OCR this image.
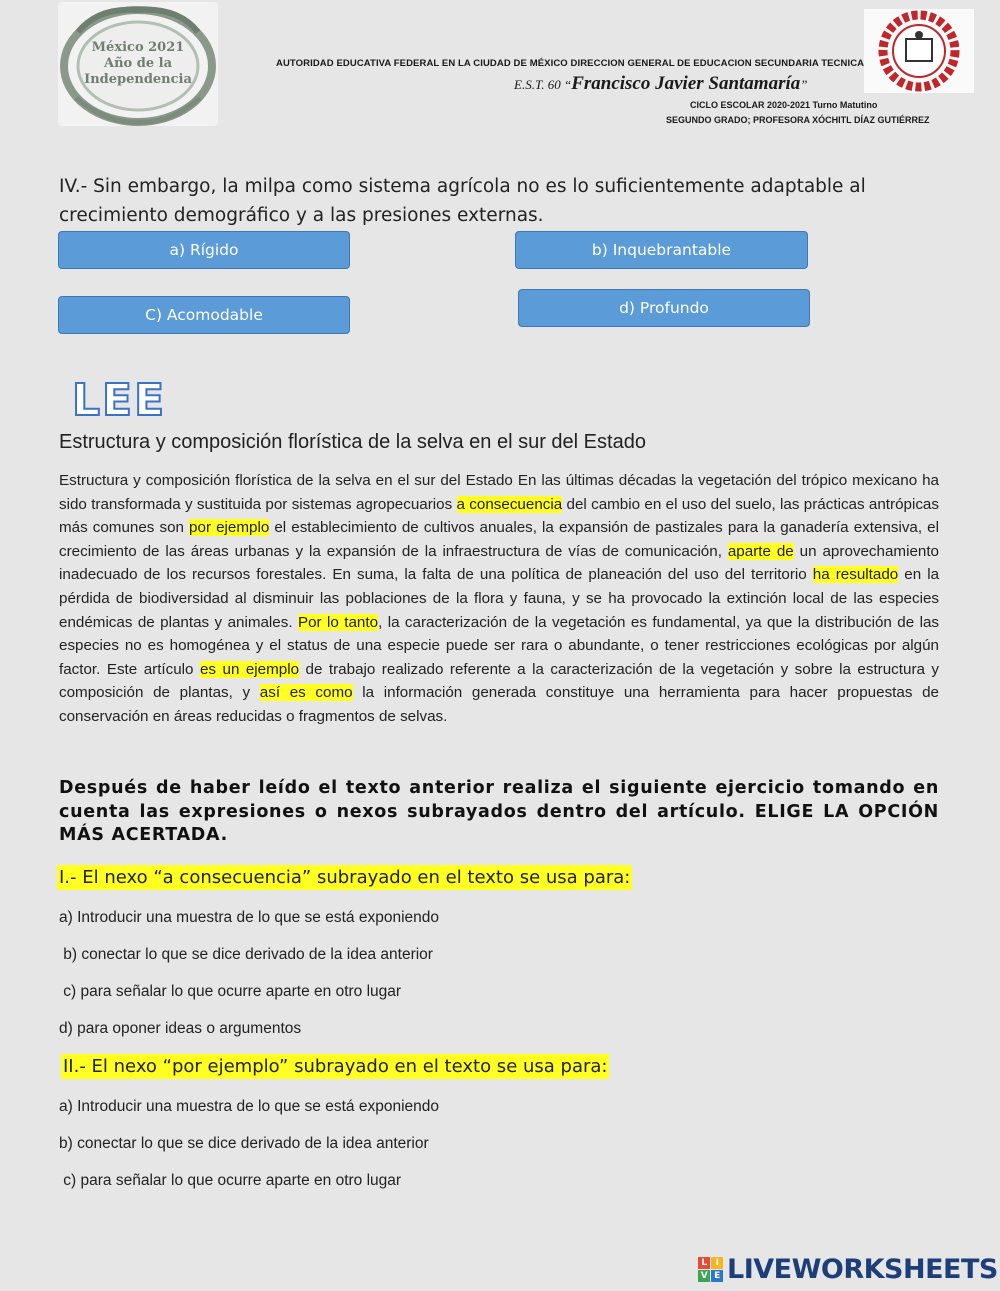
México 2021 Año de la Independencia
AUTORIDAD EDUCATIVA FEDERAL EN LA CIUDAD DE MÉXICO DIRECCION GENERAL DE EDUCACION SECUNDARIA TECNICA
E.S.T. 60 “Francisco Javier Santamaría”
CICLO ESCOLAR 2020-2021 Turno Matutino
SEGUNDO GRADO; PROFESORA XÓCHITL DÍAZ GUTIÉRREZ
IV.- Sin embargo, la milpa como sistema agrícola no es lo suficientemente adaptable al crecimiento demográfico y a las presiones externas.
a) Rígido	b) Inquebrantable
C) Acomodable	d) Profundo
LEE
Estructura y composición florística de la selva en el sur del Estado
Estructura y composición florística de la selva en el sur del Estado En las últimas décadas la vegetación del trópico mexicano ha sido transformada y sustituida por sistemas agropecuarios a consecuencia del cambio en el uso del suelo, las prácticas antrópicas más comunes son por ejemplo el establecimiento de cultivos anuales, la expansión de pastizales para la ganadería extensiva, el crecimiento de las áreas urbanas y la expansión de la infraestructura de vías de comunicación, aparte de un aprovechamiento inadecuado de los recursos forestales. En suma, la falta de una política de planeación del uso del territorio ha resultado en la pérdida de biodiversidad al disminuir las poblaciones de la flora y fauna, y se ha provocado la extinción local de las especies endémicas de plantas y animales. Por lo tanto, la caracterización de la vegetación es fundamental, ya que la distribución de las especies no es homogénea y el status de una especie puede ser rara o abundante, o tener restricciones ecológicas por algún factor. Este artículo es un ejemplo de trabajo realizado referente a la caracterización de la vegetación y sobre la estructura y composición de plantas, y así es como la información generada constituye una herramienta para hacer propuestas de conservación en áreas reducidas o fragmentos de selvas.
Después de haber leído el texto anterior realiza el siguiente ejercicio tomando en cuenta las expresiones o nexos subrayados dentro del artículo. ELIGE LA OPCIÓN MÁS ACERTADA.
I.- El nexo “a consecuencia” subrayado en el texto se usa para:
a) Introducir una muestra de lo que se está exponiendo
b) conectar lo que se dice derivado de la idea anterior
c) para señalar lo que ocurre aparte en otro lugar
d) para oponer ideas o argumentos
II.- El nexo “por ejemplo” subrayado en el texto se usa para:
a) Introducir una muestra de lo que se está exponiendo
b) conectar lo que se dice derivado de la idea anterior
c) para señalar lo que ocurre aparte en otro lugar
L I
V E LIVEWORKSHEETS
